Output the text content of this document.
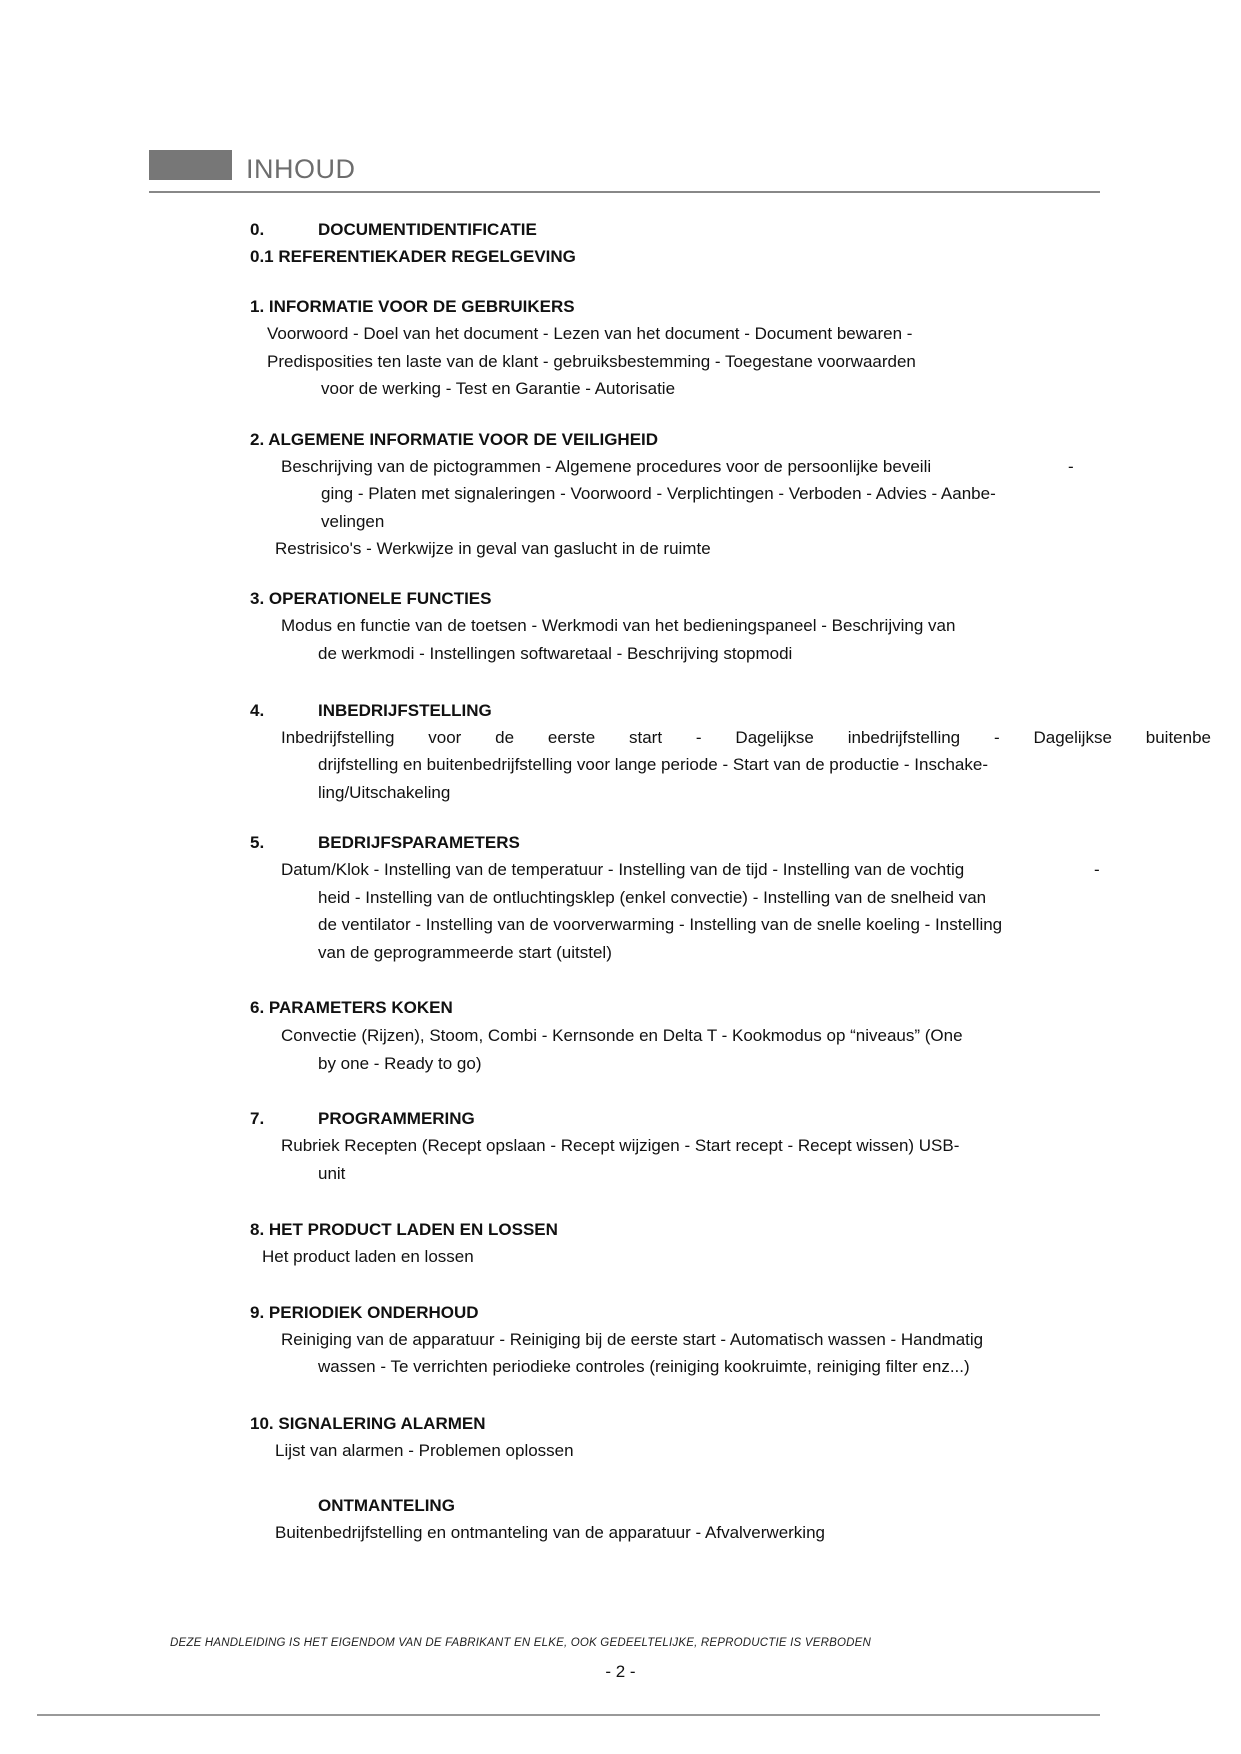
INHOUD
0.	DOCUMENTIDENTIFICATIE
0.1 REFERENTIEKADER REGELGEVING
1. INFORMATIE VOOR DE GEBRUIKERS
Voorwoord - Doel van het document - Lezen van het document - Document bewaren -
Predisposities ten laste van de klant - gebruiksbestemming - Toegestane voorwaarden
voor de werking - Test en Garantie - Autorisatie
2. ALGEMENE INFORMATIE VOOR DE VEILIGHEID
Beschrijving van de pictogrammen - Algemene procedures voor de persoonlijke beveili	-
ging - Platen met signaleringen - Voorwoord - Verplichtingen - Verboden - Advies - Aanbe-
velingen
Restrisico's - Werkwijze in geval van gaslucht in de ruimte
3. OPERATIONELE FUNCTIES
Modus en functie van de toetsen - Werkmodi van het bedieningspaneel - Beschrijving van
de werkmodi - Instellingen softwaretaal - Beschrijving stopmodi
4.	INBEDRIJFSTELLING
Inbedrijfstelling voor de eerste start - Dagelijkse inbedrijfstelling - Dagelijkse buitenbe
drijfstelling en buitenbedrijfstelling voor lange periode - Start van de productie - Inschake-
ling/Uitschakeling
5.	BEDRIJFSPARAMETERS
Datum/Klok - Instelling van de temperatuur - Instelling van de tijd - Instelling van de vochtig	-
heid - Instelling van de ontluchtingsklep (enkel convectie) - Instelling van de snelheid van
de ventilator - Instelling van de voorverwarming - Instelling van de snelle koeling - Instelling
van de geprogrammeerde start (uitstel)
6. PARAMETERS KOKEN
Convectie (Rijzen), Stoom, Combi - Kernsonde en Delta T - Kookmodus op “niveaus” (One
by one - Ready to go)
7.	PROGRAMMERING
Rubriek Recepten (Recept opslaan - Recept wijzigen - Start recept - Recept wissen) USB-
unit
8. HET PRODUCT LADEN EN LOSSEN
Het product laden en lossen
9. PERIODIEK ONDERHOUD
Reiniging van de apparatuur - Reiniging bij de eerste start - Automatisch wassen - Handmatig
wassen - Te verrichten periodieke controles (reiniging kookruimte, reiniging filter enz...)
10. SIGNALERING ALARMEN
Lijst van alarmen - Problemen oplossen
ONTMANTELING
Buitenbedrijfstelling en ontmanteling van de apparatuur - Afvalverwerking
DEZE HANDLEIDING IS HET EIGENDOM VAN DE FABRIKANT EN ELKE, OOK GEDEELTELIJKE, REPRODUCTIE IS VERBODEN
- 2 -
